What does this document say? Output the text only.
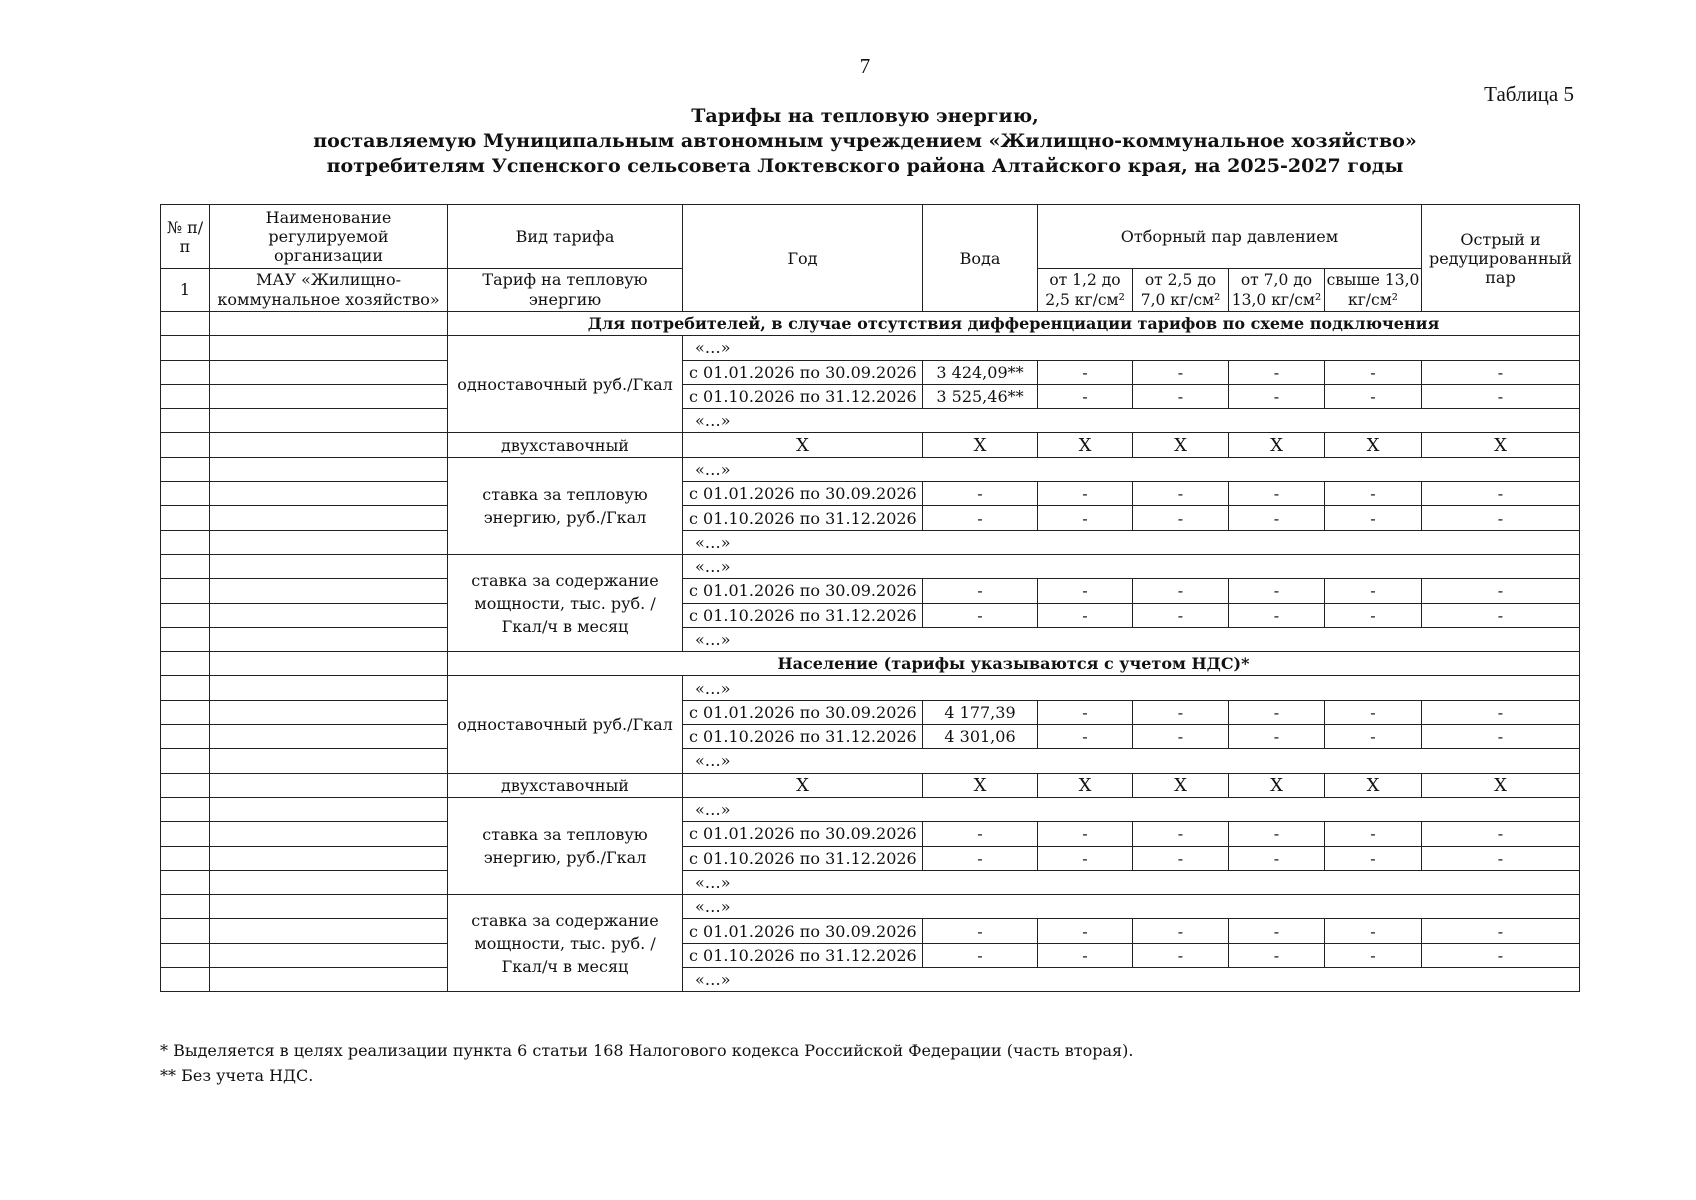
7
Таблица 5
Тарифы на тепловую энергию,
поставляемую Муниципальным автономным учреждением «Жилищно-коммунальное хозяйство»
потребителям Успенского сельсовета Локтевского района Алтайского края, на 2025-2027 годы
№ п/п	Наименование регулируемой организации	Вид тарифа	Год	Вода	Отборный пар давлением				Острый и редуцированный пар
1	МАУ «Жилищно-коммунальное хозяйство»	Тариф на тепловую энергию			от 1,2 до 2,5 кг/см²	от 2,5 до 7,0 кг/см²	от 7,0 до 13,0 кг/см²	свыше 13,0 кг/см²	
		Для потребителей, в случае отсутствия дифференциации тарифов по схеме подключения							
		одноставочный руб./Гкал	«…»						
			с 01.01.2026 по 30.09.2026	3 424,09**	-	-	-	-	-
			с 01.10.2026 по 31.12.2026	3 525,46**	-	-	-	-	-
			«…»						
		двухставочный	X	X	X	X	X	X	X
		ставка за тепловую энергию, руб./Гкал	«…»						
			с 01.01.2026 по 30.09.2026	-	-	-	-	-	-
			с 01.10.2026 по 31.12.2026	-	-	-	-	-	-
			«…»						
		ставка за содержание мощности, тыс. руб. /Гкал/ч в месяц	«…»						
			с 01.01.2026 по 30.09.2026	-	-	-	-	-	-
			с 01.10.2026 по 31.12.2026	-	-	-	-	-	-
			«…»						
		Население (тарифы указываются с учетом НДС)*							
		одноставочный руб./Гкал	«…»						
			с 01.01.2026 по 30.09.2026	4 177,39	-	-	-	-	-
			с 01.10.2026 по 31.12.2026	4 301,06	-	-	-	-	-
			«…»						
		двухставочный	X	X	X	X	X	X	X
		ставка за тепловую энергию, руб./Гкал	«…»						
			с 01.01.2026 по 30.09.2026	-	-	-	-	-	-
			с 01.10.2026 по 31.12.2026	-	-	-	-	-	-
			«…»						
		ставка за содержание мощности, тыс. руб. /Гкал/ч в месяц	«…»						
			с 01.01.2026 по 30.09.2026	-	-	-	-	-	-
			с 01.10.2026 по 31.12.2026	-	-	-	-	-	-
			«…»						
* Выделяется в целях реализации пункта 6 статьи 168 Налогового кодекса Российской Федерации (часть вторая).
** Без учета НДС.
